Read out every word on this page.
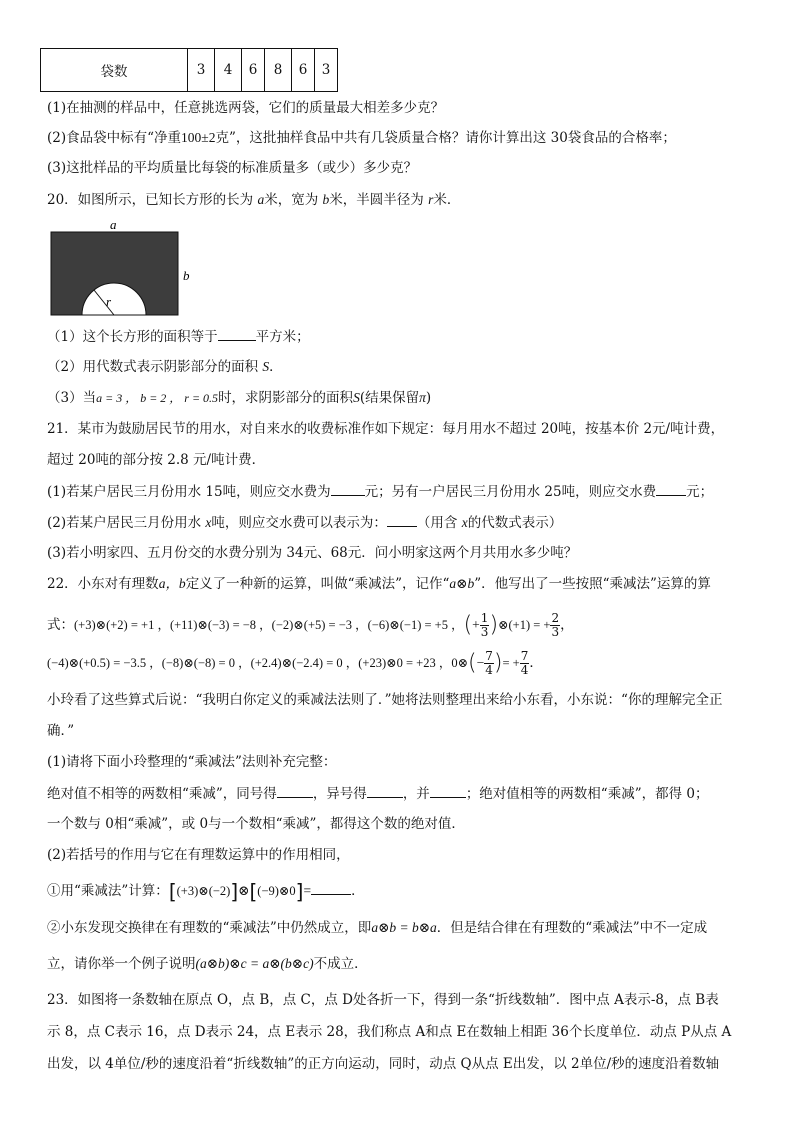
袋数	3	4	6	8	6	3
(1)在抽测的样品中，任意挑选两袋，它们的质量最大相差多少克？
(2)食品袋中标有“净重100±2克”，这批抽样食品中共有几袋质量合格？请你计算出这 30袋食品的合格率；
(3)这批样品的平均质量比每袋的标准质量多（或少）多少克？
20．如图所示，已知长方形的长为 a米，宽为 b米，半圆半径为 r米．
a
b
r
（1）这个长方形的面积等于	平方米；
（2）用代数式表示阴影部分的面积 S．
（3）当a = 3 ， b = 2 ， r = 0.5时，求阴影部分的面积S(结果保留π)
21．某市为鼓励居民节的用水，对自来水的收费标准作如下规定：每月用水不超过 20吨，按基本价 2元/吨计费，
超过 20吨的部分按 2.8 元/吨计费．
(1)若某户居民三月份用水 15吨，则应交水费为	元；另有一户居民三月份用水 25吨，则应交水费 元；
(2)若某户居民三月份用水 x吨，则应交水费可以表示为： （用含 x的代数式表示）
(3)若小明家四、五月份交的水费分别为 34元、68元．问小明家这两个月共用水多少吨？
22．小东对有理数a，b定义了一种新的运算，叫做“乘减法”，记作“a⊗b”．他写出了一些按照“乘减法”运算的算
式：(+3)⊗(+2) = +1 ，(+11)⊗(−3) = −8 ，(−2)⊗(+5) = −3 ，(−6)⊗(−1) = +5 ，(+ $\frac{1}{3}$ )⊗(+1) = + $\frac{2}{3}$ ，
(−4)⊗(+0.5) = −3.5 ，(−8)⊗(−8) = 0 ，(+2.4)⊗(−2.4) = 0 ，(+23)⊗0 = +23 ，0⊗(− $\frac{7}{4}$ )= + $\frac{7}{4}$ ．
小玲看了这些算式后说：“我明白你定义的乘减法法则了．”她将法则整理出来给小东看，小东说：“你的理解完全正
确．”
(1)请将下面小玲整理的“乘减法”法则补充完整：
绝对值不相等的两数相“乘减”，同号得	，异号得	，并	；绝对值相等的两数相“乘减”，都得 0；
一个数与 0相“乘减”，或 0与一个数相“乘减”，都得这个数的绝对值．
(2)若括号的作用与它在有理数运算中的作用相同，
①用“乘减法”计算：[(+3)⊗(−2)]⊗[(−9)⊗0]=	．
②小东发现交换律在有理数的“乘减法”中仍然成立，即a⊗b = b⊗a．但是结合律在有理数的“乘减法”中不一定成
立，请你举一个例子说明(a⊗b)⊗c = a⊗(b⊗c)不成立．
23．如图将一条数轴在原点 O，点 B，点 C，点 D处各折一下，得到一条“折线数轴”．图中点 A表示-8，点 B表
示 8，点 C表示 16，点 D表示 24，点 E表示 28，我们称点 A和点 E在数轴上相距 36个长度单位．动点 P从点 A
出发，以 4单位/秒的速度沿着“折线数轴”的正方向运动，同时，动点 Q从点 E出发，以 2单位/秒的速度沿着数轴
